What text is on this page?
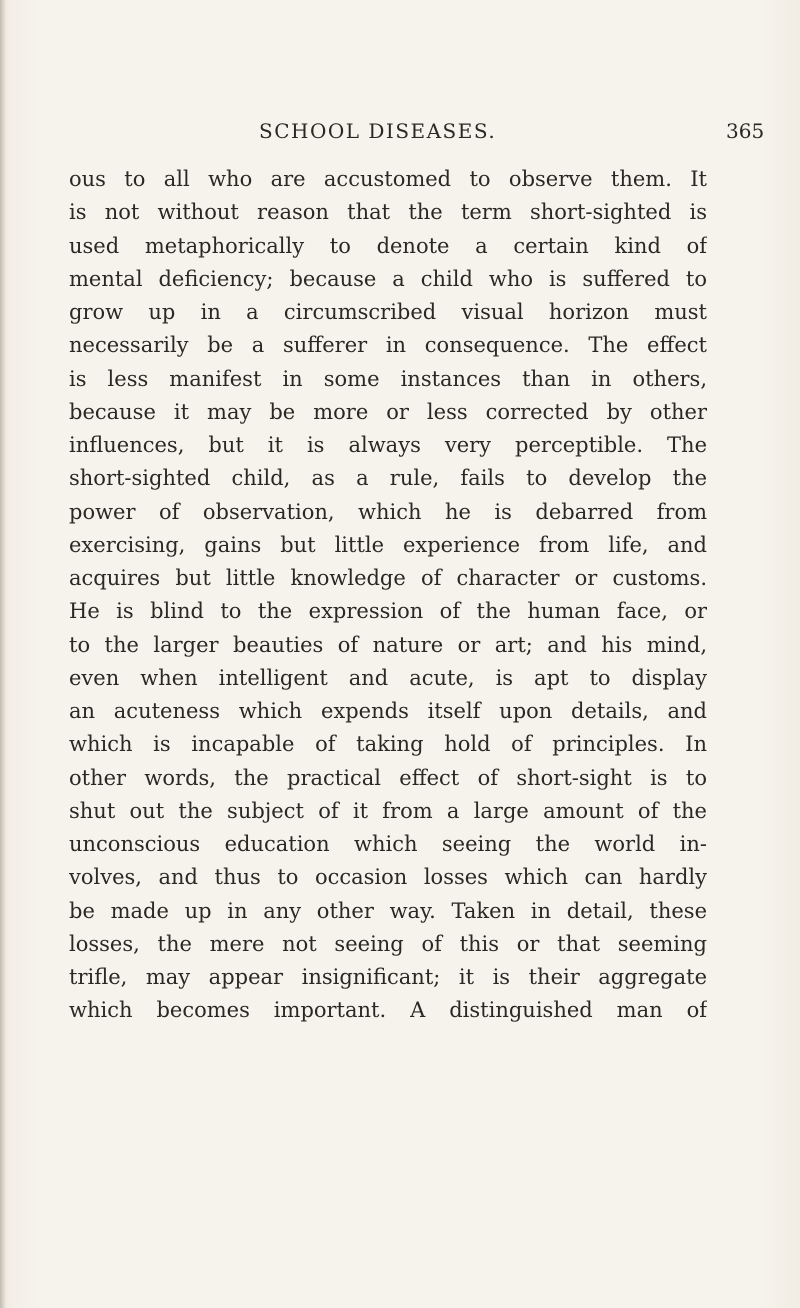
SCHOOL DISEASES.	365
ous to all who are accustomed to observe them. It
is not without reason that the term short-sighted is
used metaphorically to denote a certain kind of
mental deficiency; because a child who is suffered to
grow up in a circumscribed visual horizon must
necessarily be a sufferer in consequence. The effect
is less manifest in some instances than in others,
because it may be more or less corrected by other
influences, but it is always very perceptible. The
short-sighted child, as a rule, fails to develop the
power of observation, which he is debarred from
exercising, gains but little experience from life, and
acquires but little knowledge of character or customs.
He is blind to the expression of the human face, or
to the larger beauties of nature or art; and his mind,
even when intelligent and acute, is apt to display
an acuteness which expends itself upon details, and
which is incapable of taking hold of principles. In
other words, the practical effect of short-sight is to
shut out the subject of it from a large amount of the
unconscious education which seeing the world in-
volves, and thus to occasion losses which can hardly
be made up in any other way. Taken in detail, these
losses, the mere not seeing of this or that seeming
trifle, may appear insignificant; it is their aggregate
which becomes important. A distinguished man of
